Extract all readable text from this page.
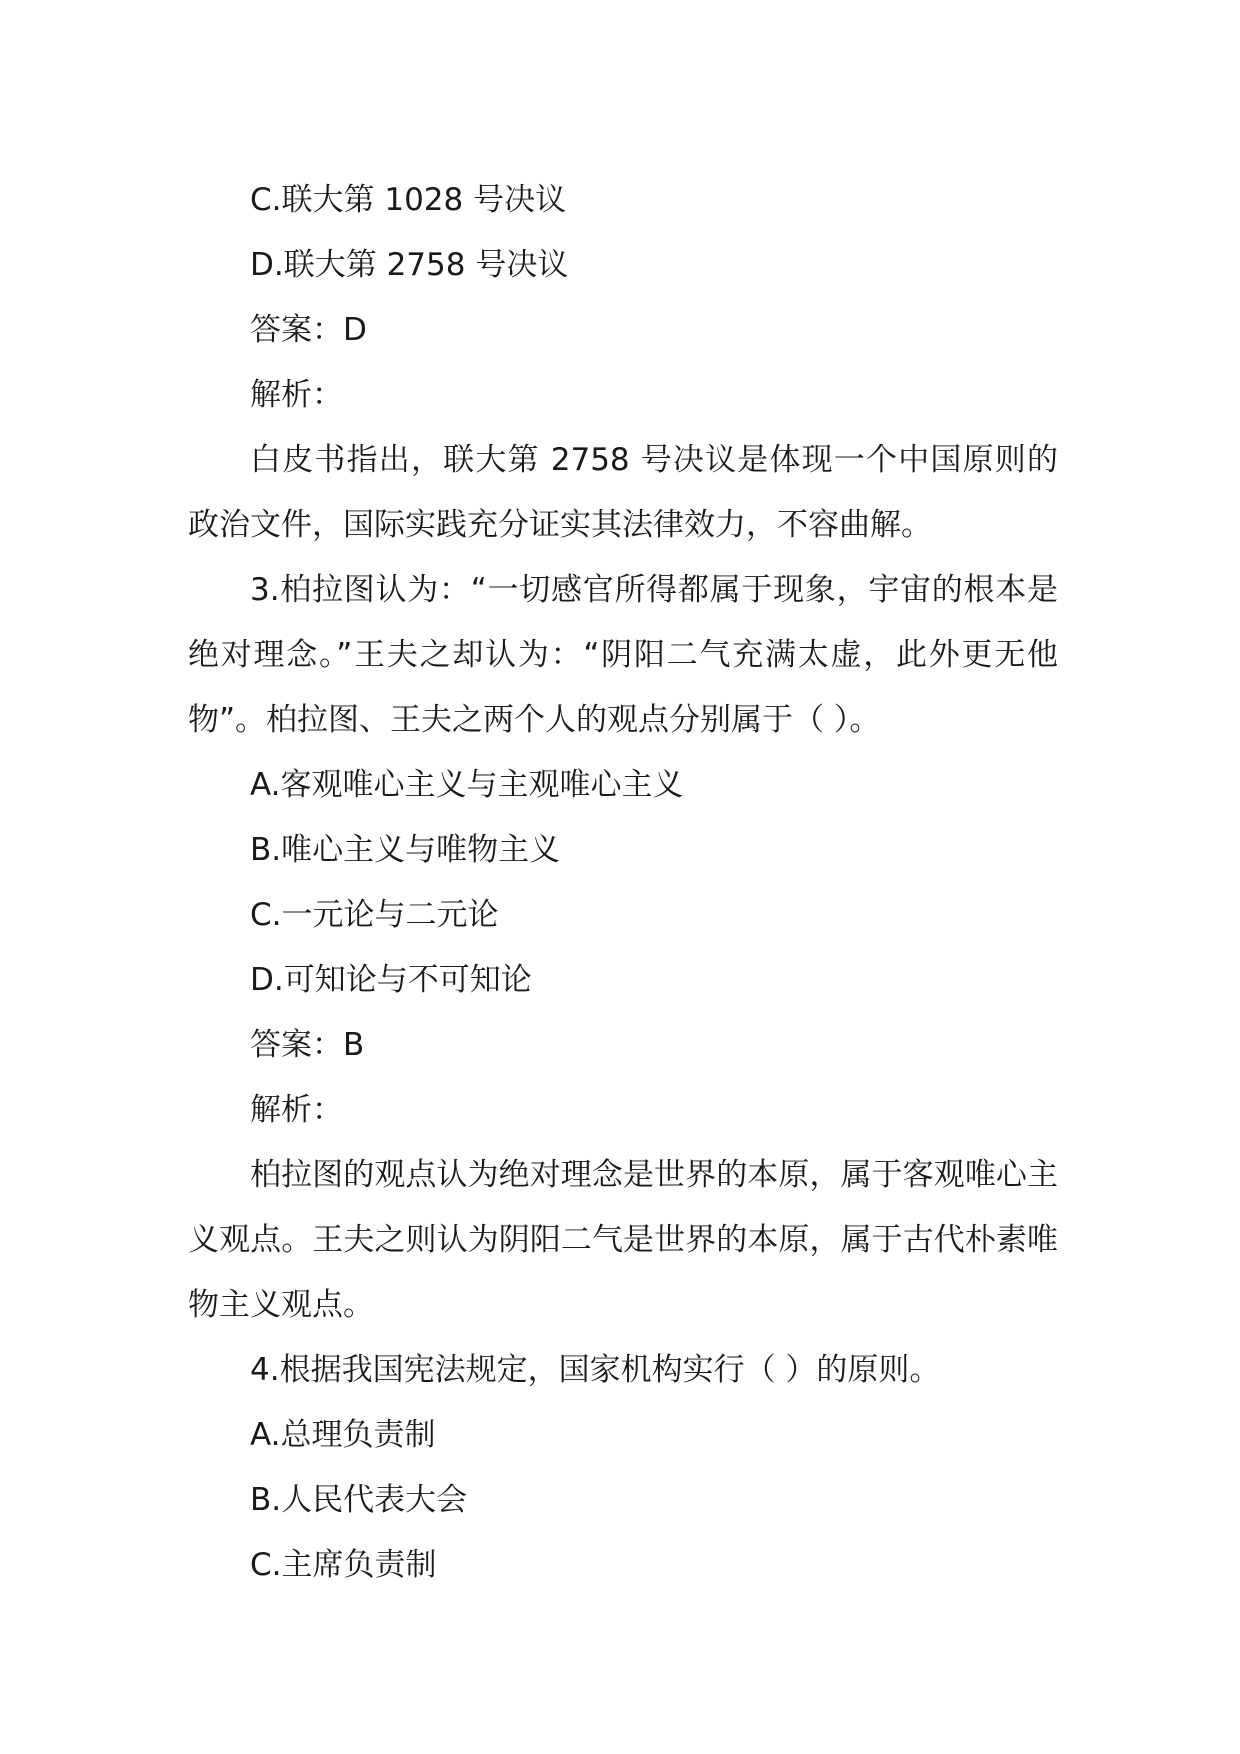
C.联大第 1028 号决议

D.联大第 2758 号决议

答案：D

解析：

白皮书指出，联大第 2758 号决议是体现一个中国原则的政治文件，国际实践充分证实其法律效力，不容曲解。

3.柏拉图认为：“一切感官所得都属于现象，宇宙的根本是绝对理念。”王夫之却认为：“阴阳二气充满太虚，此外更无他物”。柏拉图、王夫之两个人的观点分别属于（ ）。

A.客观唯心主义与主观唯心主义

B.唯心主义与唯物主义

C.一元论与二元论

D.可知论与不可知论

答案：B

解析：

柏拉图的观点认为绝对理念是世界的本原，属于客观唯心主义观点。王夫之则认为阴阳二气是世界的本原，属于古代朴素唯物主义观点。

4.根据我国宪法规定，国家机构实行（ ）的原则。

A.总理负责制

B.人民代表大会

C.主席负责制
